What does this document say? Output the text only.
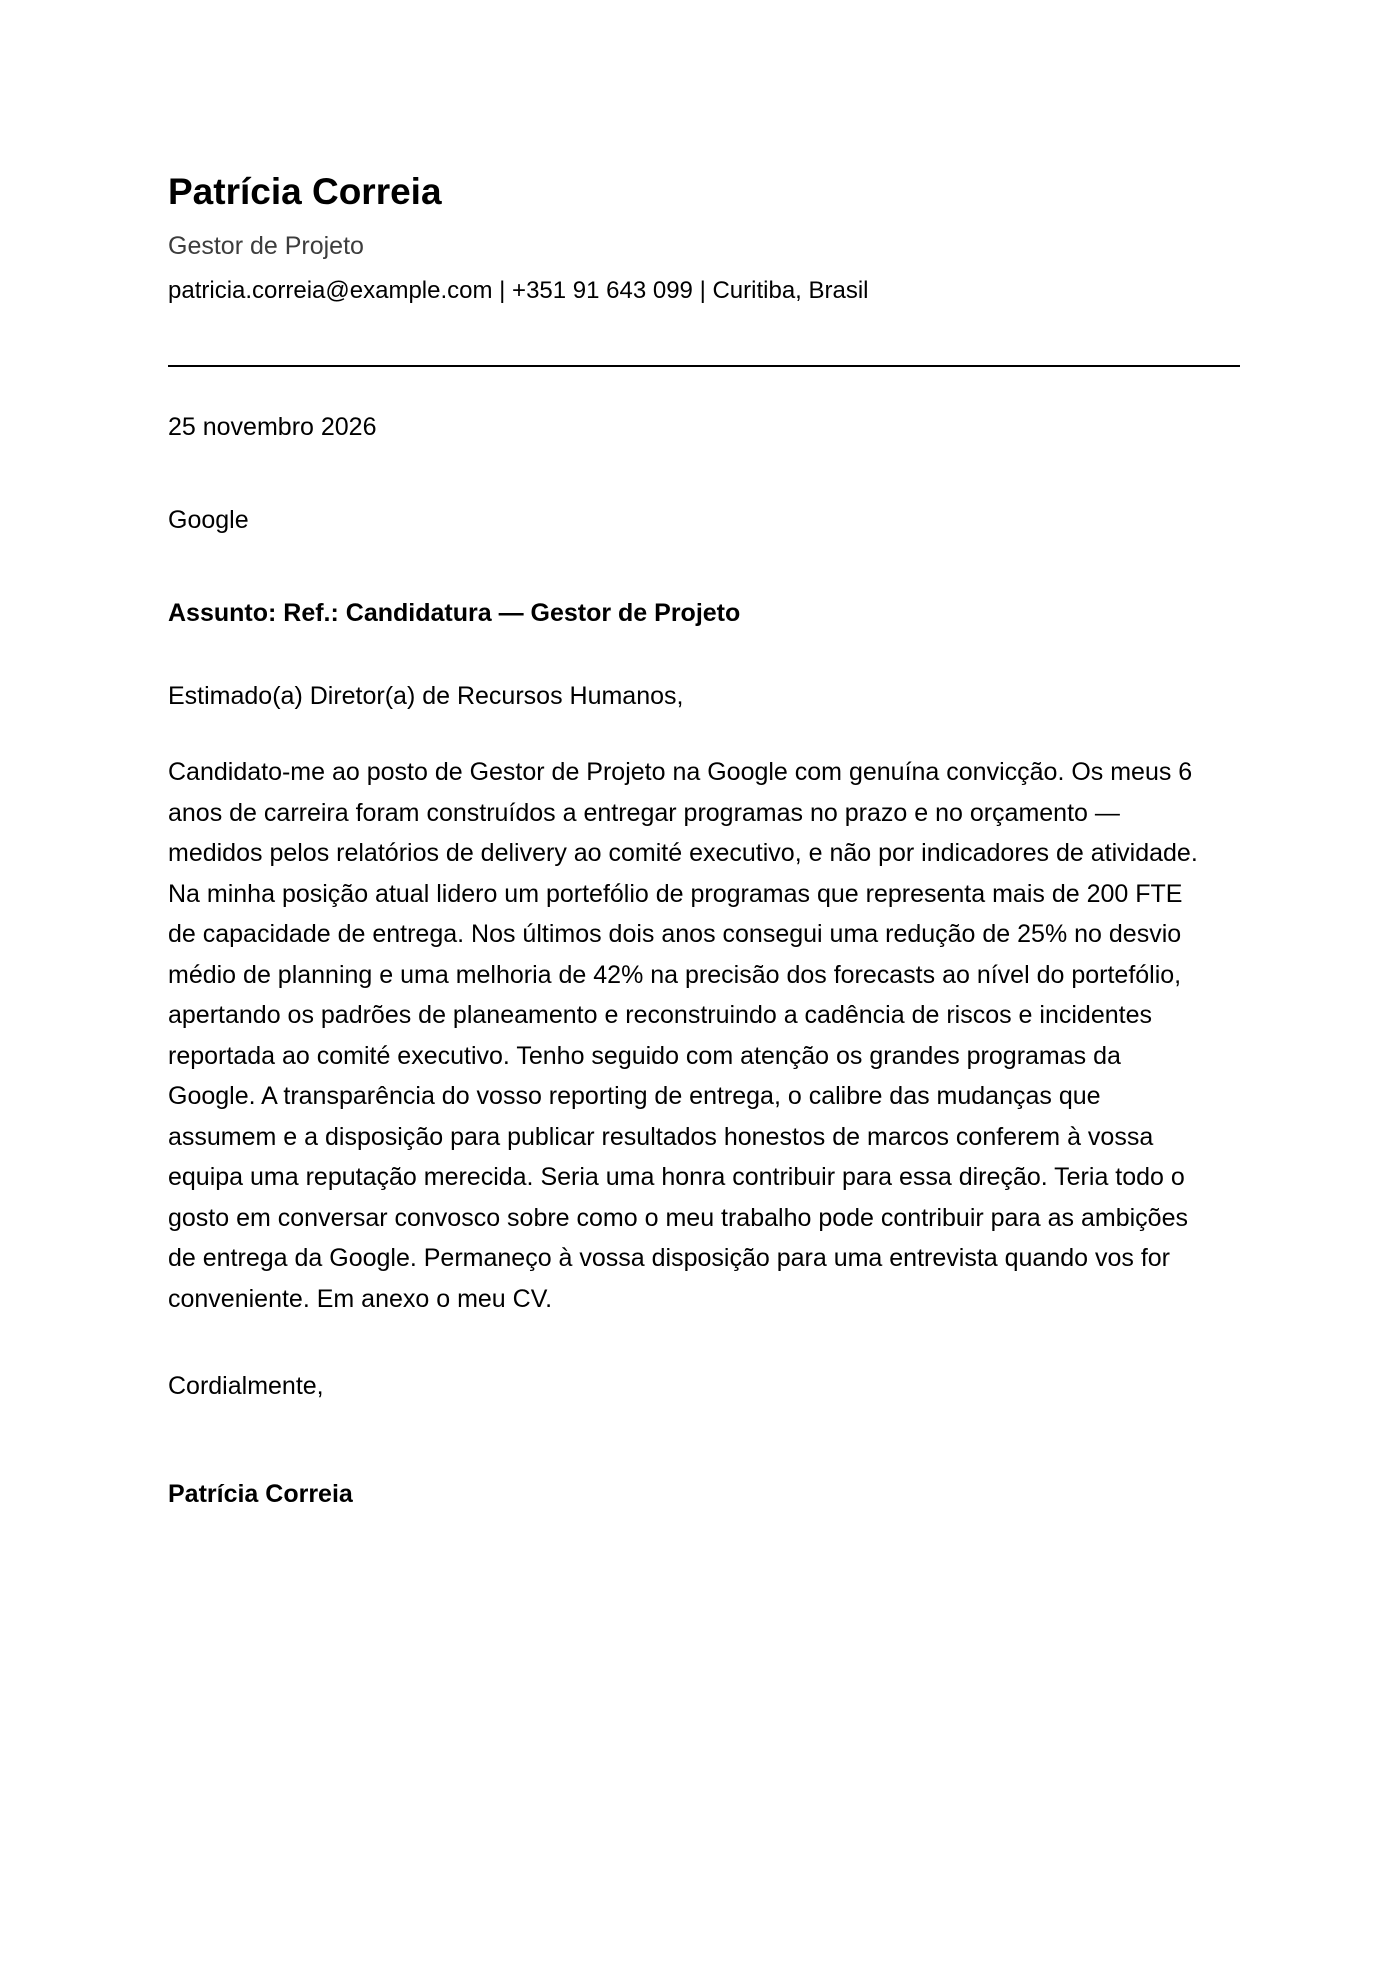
Patrícia Correia
Gestor de Projeto
patricia.correia@example.com | +351 91 643 099 | Curitiba, Brasil
25 novembro 2026
Google
Assunto: Ref.: Candidatura — Gestor de Projeto
Estimado(a) Diretor(a) de Recursos Humanos,

Candidato-me ao posto de Gestor de Projeto na Google com genuína convicção. Os meus 6
anos de carreira foram construídos a entregar programas no prazo e no orçamento —
medidos pelos relatórios de delivery ao comité executivo, e não por indicadores de atividade.
Na minha posição atual lidero um portefólio de programas que representa mais de 200 FTE
de capacidade de entrega. Nos últimos dois anos consegui uma redução de 25% no desvio
médio de planning e uma melhoria de 42% na precisão dos forecasts ao nível do portefólio,
apertando os padrões de planeamento e reconstruindo a cadência de riscos e incidentes
reportada ao comité executivo. Tenho seguido com atenção os grandes programas da
Google. A transparência do vosso reporting de entrega, o calibre das mudanças que
assumem e a disposição para publicar resultados honestos de marcos conferem à vossa
equipa uma reputação merecida. Seria uma honra contribuir para essa direção. Teria todo o
gosto em conversar convosco sobre como o meu trabalho pode contribuir para as ambições
de entrega da Google. Permaneço à vossa disposição para uma entrevista quando vos for
conveniente. Em anexo o meu CV.

Cordialmente,
Patrícia Correia
